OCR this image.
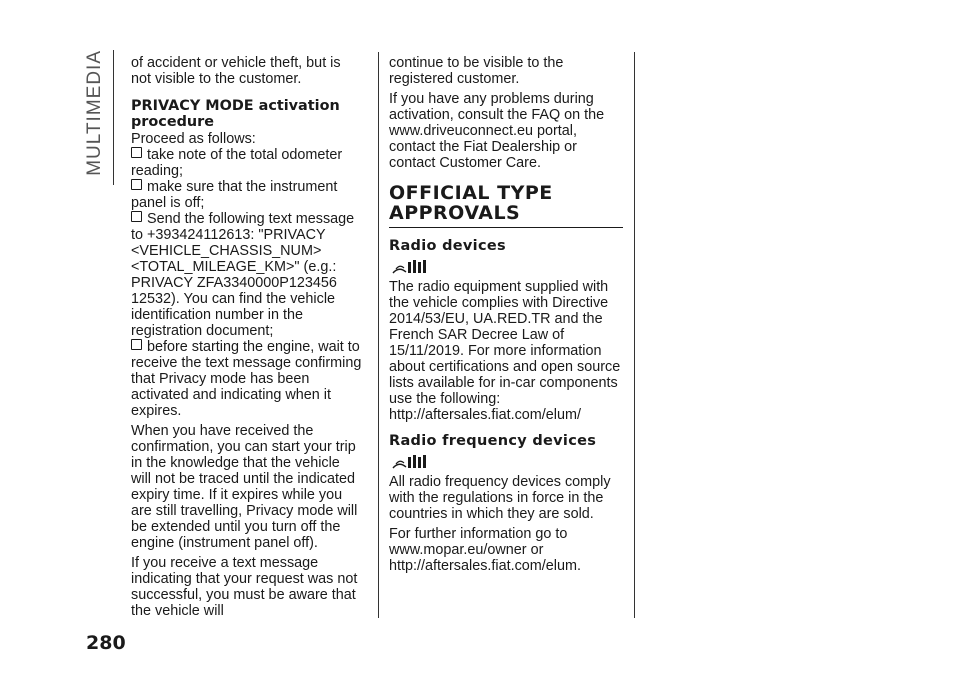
MULTIMEDIA
280

of accident or vehicle theft, but is not visible to the customer.

PRIVACY MODE activation procedure

Proceed as follows:

take note of the total odometer reading;

make sure that the instrument panel is off;

Send the following text message to +393424112613: "PRIVACY <VEHICLE_CHASSIS_NUM> <TOTAL_MILEAGE_KM>" (e.g.: PRIVACY ZFA3340000P123456 12532). You can find the vehicle identification number in the registration document;

before starting the engine, wait to receive the text message confirming that Privacy mode has been activated and indicating when it expires.

When you have received the confirmation, you can start your trip in the knowledge that the vehicle will not be traced until the indicated expiry time. If it expires while you are still travelling, Privacy mode will be extended until you turn off the engine (instrument panel off).

If you receive a text message indicating that your request was not successful, you must be aware that the vehicle will

continue to be visible to the registered customer.

If you have any problems during activation, consult the FAQ on the www.driveuconnect.eu portal, contact the Fiat Dealership or contact Customer Care.

OFFICIAL TYPE APPROVALS
Radio devices

The radio equipment supplied with the vehicle complies with Directive 2014/53/EU, UA.RED.TR and the French SAR Decree Law of 15/11/2019. For more information about certifications and open source lists available for in-car components use the following: http://aftersales.fiat.com/elum/

Radio frequency devices

All radio frequency devices comply with the regulations in force in the countries in which they are sold.

For further information go to www.mopar.eu/owner or http://aftersales.fiat.com/elum.
